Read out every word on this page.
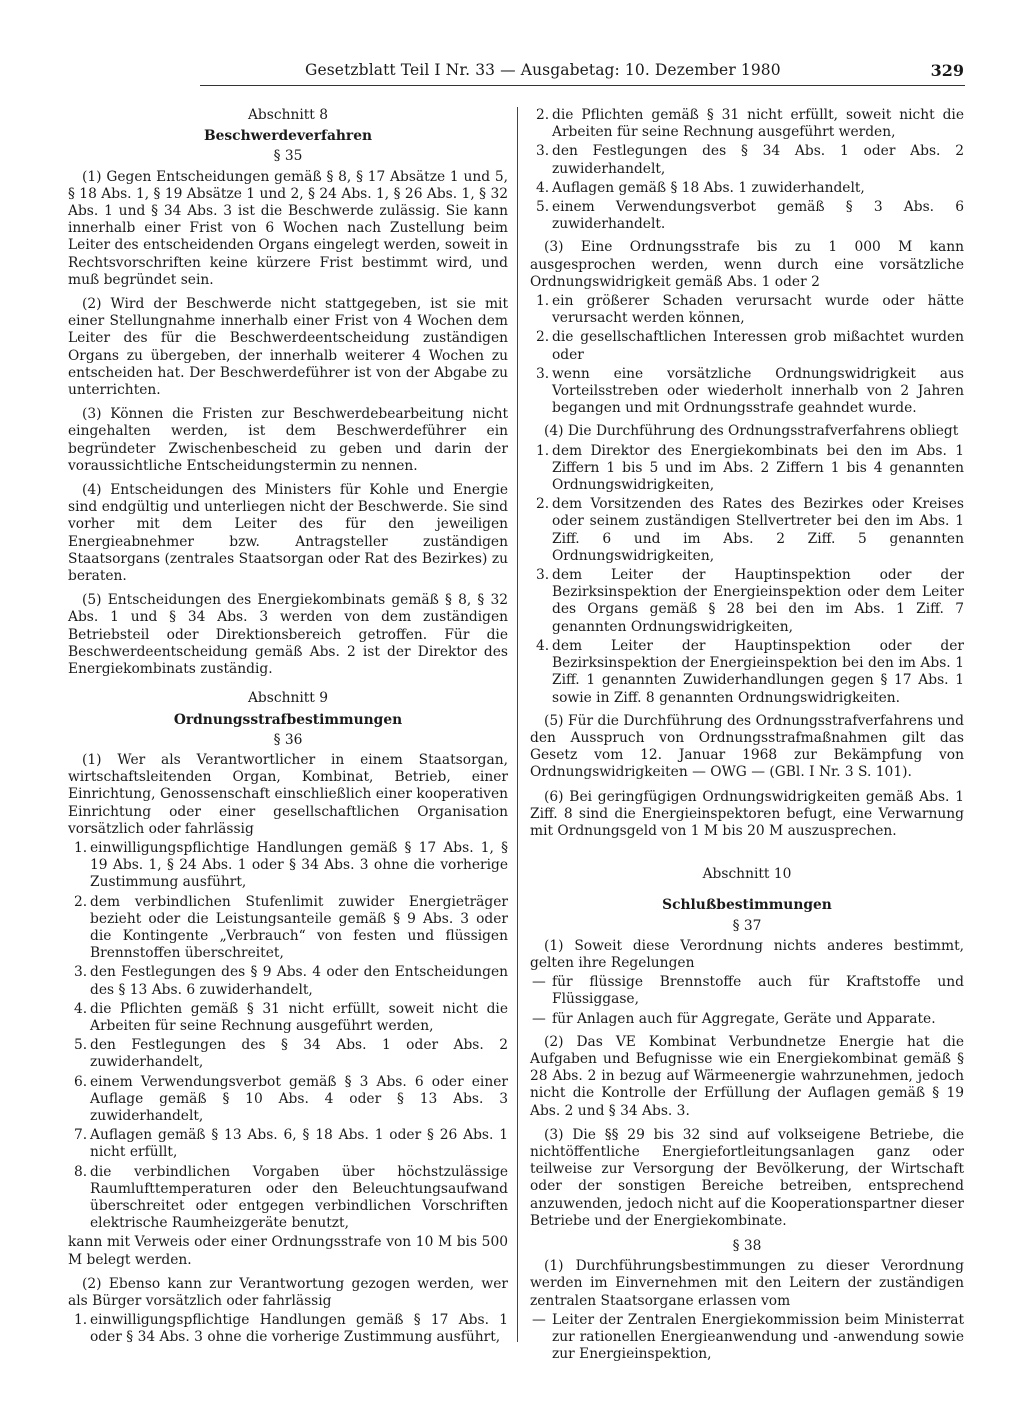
Gesetzblatt Teil I Nr. 33 — Ausgabetag: 10. Dezember 1980	329
Abschnitt 8
Beschwerdeverfahren
§ 35

(1) Gegen Entscheidungen gemäß § 8, § 17 Absätze 1 und 5, § 18 Abs. 1, § 19 Absätze 1 und 2, § 24 Abs. 1, § 26 Abs. 1, § 32 Abs. 1 und § 34 Abs. 3 ist die Beschwerde zulässig. Sie kann innerhalb einer Frist von 6 Wochen nach Zustellung beim Leiter des entscheidenden Organs eingelegt werden, soweit in Rechtsvorschriften keine kürzere Frist bestimmt wird, und muß begründet sein.

(2) Wird der Beschwerde nicht stattgegeben, ist sie mit einer Stellungnahme innerhalb einer Frist von 4 Wochen dem Leiter des für die Beschwerdeentscheidung zuständigen Organs zu übergeben, der innerhalb weiterer 4 Wochen zu entscheiden hat. Der Beschwerdeführer ist von der Abgabe zu unterrichten.

(3) Können die Fristen zur Beschwerdebearbeitung nicht eingehalten werden, ist dem Beschwerdeführer ein begründeter Zwischenbescheid zu geben und darin der voraussichtliche Entscheidungstermin zu nennen.

(4) Entscheidungen des Ministers für Kohle und Energie sind endgültig und unterliegen nicht der Beschwerde. Sie sind vorher mit dem Leiter des für den jeweiligen Energieabnehmer bzw. Antragsteller zuständigen Staatsorgans (zentrales Staatsorgan oder Rat des Bezirkes) zu beraten.

(5) Entscheidungen des Energiekombinats gemäß § 8, § 32 Abs. 1 und § 34 Abs. 3 werden von dem zuständigen Betriebsteil oder Direktionsbereich getroffen. Für die Beschwerdeentscheidung gemäß Abs. 2 ist der Direktor des Energiekombinats zuständig.

Abschnitt 9
Ordnungsstrafbestimmungen
§ 36

(1) Wer als Verantwortlicher in einem Staatsorgan, wirtschaftsleitenden Organ, Kombinat, Betrieb, einer Einrichtung, Genossenschaft einschließlich einer kooperativen Einrichtung oder einer gesellschaftlichen Organisation vorsätzlich oder fahrlässig

1. einwilligungspflichtige Handlungen gemäß § 17 Abs. 1, § 19 Abs. 1, § 24 Abs. 1 oder § 34 Abs. 3 ohne die vorherige Zustimmung ausführt,
2. dem verbindlichen Stufenlimit zuwider Energieträger bezieht oder die Leistungsanteile gemäß § 9 Abs. 3 oder die Kontingente „Verbrauch“ von festen und flüssigen Brennstoffen überschreitet,
3. den Festlegungen des § 9 Abs. 4 oder den Entscheidungen des § 13 Abs. 6 zuwiderhandelt,
4. die Pflichten gemäß § 31 nicht erfüllt, soweit nicht die Arbeiten für seine Rechnung ausgeführt werden,
5. den Festlegungen des § 34 Abs. 1 oder Abs. 2 zuwiderhandelt,
6. einem Verwendungsverbot gemäß § 3 Abs. 6 oder einer Auflage gemäß § 10 Abs. 4 oder § 13 Abs. 3 zuwiderhandelt,
7. Auflagen gemäß § 13 Abs. 6, § 18 Abs. 1 oder § 26 Abs. 1 nicht erfüllt,
8. die verbindlichen Vorgaben über höchstzulässige Raumlufttemperaturen oder den Beleuchtungsaufwand überschreitet oder entgegen verbindlichen Vorschriften elektrische Raumheizgeräte benutzt,

kann mit Verweis oder einer Ordnungsstrafe von 10 M bis 500 M belegt werden.

(2) Ebenso kann zur Verantwortung gezogen werden, wer als Bürger vorsätzlich oder fahrlässig

1. einwilligungspflichtige Handlungen gemäß § 17 Abs. 1 oder § 34 Abs. 3 ohne die vorherige Zustimmung ausführt,
2. die Pflichten gemäß § 31 nicht erfüllt, soweit nicht die Arbeiten für seine Rechnung ausgeführt werden,
3. den Festlegungen des § 34 Abs. 1 oder Abs. 2 zuwiderhandelt,
4. Auflagen gemäß § 18 Abs. 1 zuwiderhandelt,
5. einem Verwendungsverbot gemäß § 3 Abs. 6 zuwiderhandelt.

(3) Eine Ordnungsstrafe bis zu 1 000 M kann ausgesprochen werden, wenn durch eine vorsätzliche Ordnungswidrigkeit gemäß Abs. 1 oder 2

1. ein größerer Schaden verursacht wurde oder hätte verursacht werden können,
2. die gesellschaftlichen Interessen grob mißachtet wurden oder
3. wenn eine vorsätzliche Ordnungswidrigkeit aus Vorteilsstreben oder wiederholt innerhalb von 2 Jahren begangen und mit Ordnungsstrafe geahndet wurde.

(4) Die Durchführung des Ordnungsstrafverfahrens obliegt

1. dem Direktor des Energiekombinats bei den im Abs. 1 Ziffern 1 bis 5 und im Abs. 2 Ziffern 1 bis 4 genannten Ordnungswidrigkeiten,
2. dem Vorsitzenden des Rates des Bezirkes oder Kreises oder seinem zuständigen Stellvertreter bei den im Abs. 1 Ziff. 6 und im Abs. 2 Ziff. 5 genannten Ordnungswidrigkeiten,
3. dem Leiter der Hauptinspektion oder der Bezirksinspektion der Energieinspektion oder dem Leiter des Organs gemäß § 28 bei den im Abs. 1 Ziff. 7 genannten Ordnungswidrigkeiten,
4. dem Leiter der Hauptinspektion oder der Bezirksinspektion der Energieinspektion bei den im Abs. 1 Ziff. 1 genannten Zuwiderhandlungen gegen § 17 Abs. 1 sowie in Ziff. 8 genannten Ordnungswidrigkeiten.

(5) Für die Durchführung des Ordnungsstrafverfahrens und den Ausspruch von Ordnungsstrafmaßnahmen gilt das Gesetz vom 12. Januar 1968 zur Bekämpfung von Ordnungswidrigkeiten — OWG — (GBl. I Nr. 3 S. 101).

(6) Bei geringfügigen Ordnungswidrigkeiten gemäß Abs. 1 Ziff. 8 sind die Energieinspektoren befugt, eine Verwarnung mit Ordnungsgeld von 1 M bis 20 M auszusprechen.

Abschnitt 10
Schlußbestimmungen
§ 37

(1) Soweit diese Verordnung nichts anderes bestimmt, gelten ihre Regelungen

— für flüssige Brennstoffe auch für Kraftstoffe und Flüssiggase,
— für Anlagen auch für Aggregate, Geräte und Apparate.

(2) Das VE Kombinat Verbundnetze Energie hat die Aufgaben und Befugnisse wie ein Energiekombinat gemäß § 28 Abs. 2 in bezug auf Wärmeenergie wahrzunehmen, jedoch nicht die Kontrolle der Erfüllung der Auflagen gemäß § 19 Abs. 2 und § 34 Abs. 3.

(3) Die §§ 29 bis 32 sind auf volkseigene Betriebe, die nichtöffentliche Energiefortleitungsanlagen ganz oder teilweise zur Versorgung der Bevölkerung, der Wirtschaft oder der sonstigen Bereiche betreiben, entsprechend anzuwenden, jedoch nicht auf die Kooperationspartner dieser Betriebe und der Energiekombinate.

§ 38

(1) Durchführungsbestimmungen zu dieser Verordnung werden im Einvernehmen mit den Leitern der zuständigen zentralen Staatsorgane erlassen vom

— Leiter der Zentralen Energiekommission beim Ministerrat zur rationellen Energieanwendung und -anwendung sowie zur Energieinspektion,
